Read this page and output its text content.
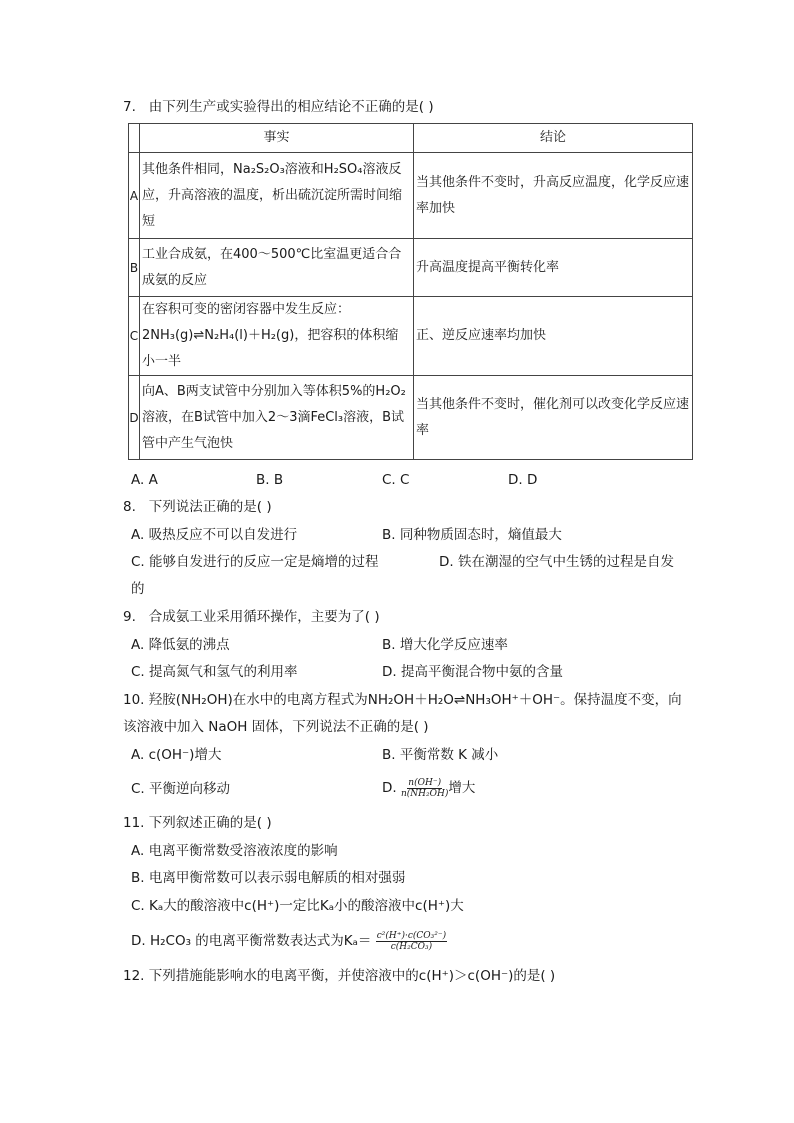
7. 由下列生产或实验得出的相应结论不正确的是( )
	事实	结论
A	其他条件相同，Na₂S₂O₃溶液和H₂SO₄溶液反应，升高溶液的温度，析出硫沉淀所需时间缩短	当其他条件不变时，升高反应温度，化学反应速率加快
B	工业合成氨，在400～500℃比室温更适合合成氨的反应	升高温度提高平衡转化率
C	在容积可变的密闭容器中发生反应：2NH₃(g)⇌N₂H₄(l)＋H₂(g)，把容积的体积缩小一半	正、逆反应速率均加快
D	向A、B两支试管中分别加入等体积5%的H₂O₂溶液，在B试管中加入2～3滴FeCl₃溶液，B试管中产生气泡快	当其他条件不变时，催化剂可以改变化学反应速率
A. A	B. B	C. C	D. D
8. 下列说法正确的是( )
A. 吸热反应不可以自发进行	B. 同种物质固态时，熵值最大
C. 能够自发进行的反应一定是熵增的过程	D. 铁在潮湿的空气中生锈的过程是自发
的
9. 合成氨工业采用循环操作，主要为了( )
A. 降低氨的沸点	B. 增大化学反应速率
C. 提高氮气和氢气的利用率	D. 提高平衡混合物中氨的含量
10. 羟胺(NH₂OH)在水中的电离方程式为NH₂OH＋H₂O⇌NH₃OH⁺＋OH⁻。保持温度不变，向
该溶液中加入 NaOH 固体，下列说法不正确的是( )
A. c(OH⁻)增大	B. 平衡常数 K 减小
C. 平衡逆向移动	D. $\frac{n(OH^-)}{\text{n(NH₂OH)}}$ 增大
11. 下列叙述正确的是( )
A. 电离平衡常数受溶液浓度的影响
B. 电离甲衡常数可以表示弱电解质的相对强弱
C. Kₐ大的酸溶液中c(H⁺)一定比Kₐ小的酸溶液中c(H⁺)大
D. H₂CO₃ 的电离平衡常数表达式为$K_a= \frac{\text{c²(H⁺)·c(CO₃²⁻)}}{\text{c(H₂CO₃)}}$
12. 下列措施能影响水的电离平衡，并使溶液中的c(H⁺)＞c(OH⁻)的是( )
